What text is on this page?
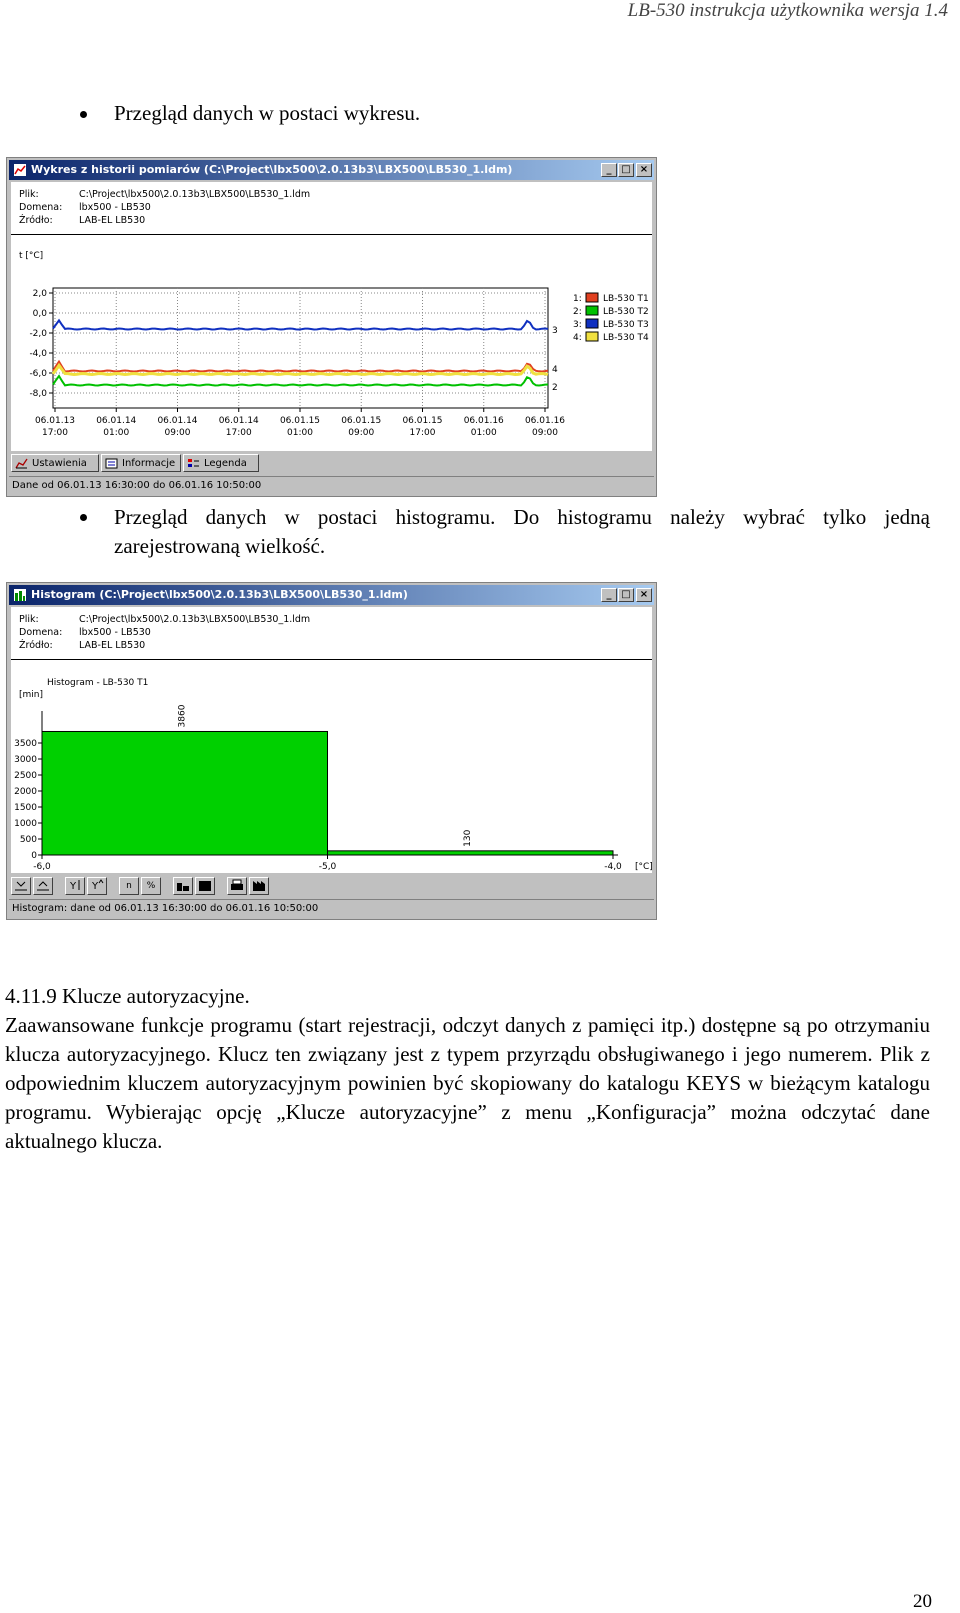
LB-530 instrukcja użytkownika wersja 1.4
Przegląd danych w postaci wykresu.
Wykres z historii pomiarów (C:\Project\lbx500\2.0.13b3\LBX500\LB530_1.ldm)	_ □ ×
Plik:	C:\Project\lbx500\2.0.13b3\LBX500\LB530_1.ldm
Domena: lbx500 - LB530
Źródło:	LAB-EL LB530
t [°C]
2,0
0,0
-2,0
-4,0
-6,0
-8,0
06.01.13
17:00
06.01.14
01:00
06.01.14
09:00
06.01.14
17:00
06.01.15
01:00
06.01.15
09:00
06.01.15
17:00
06.01.16
01:00
06.01.16
09:00
3
4
2
1: LB-530 T1
2: LB-530 T2
3: LB-530 T3
4: LB-530 T4
Ustawienia	Informacje	Legenda
Dane od 06.01.13 16:30:00 do 06.01.16 10:50:00
Przegląd danych w postaci histogramu. Do histogramu należy wybrać tylko jedną zarejestrowaną wielkość.
Histogram (C:\Project\lbx500\2.0.13b3\LBX500\LB530_1.ldm)	_ □ ×
Plik:	C:\Project\lbx500\2.0.13b3\LBX500\LB530_1.ldm
Domena: lbx500 - LB530
Źródło:	LAB-EL LB530
Histogram - LB-530 T1
[min]
3500
3000
2500
2000
1500
1000
500
0
3860
130
-6,0	-5,0	-4,0 [°C]
Y Y	n	%
Histogram: dane od 06.01.13 16:30:00 do 06.01.16 10:50:00

4.11.9 Klucze autoryzacyjne.

Zaawansowane funkcje programu (start rejestracji, odczyt danych z pamięci itp.) dostępne są po otrzymaniu klucza autoryzacyjnego. Klucz ten związany jest z typem przyrządu obsługiwanego i jego numerem. Plik z odpowiednim kluczem autoryzacyjnym powinien być skopiowany do katalogu KEYS w bieżącym katalogu programu. Wybierając opcję „Klucze autoryzacyjne” z menu „Konfiguracja” można odczytać dane aktualnego klucza.

20
